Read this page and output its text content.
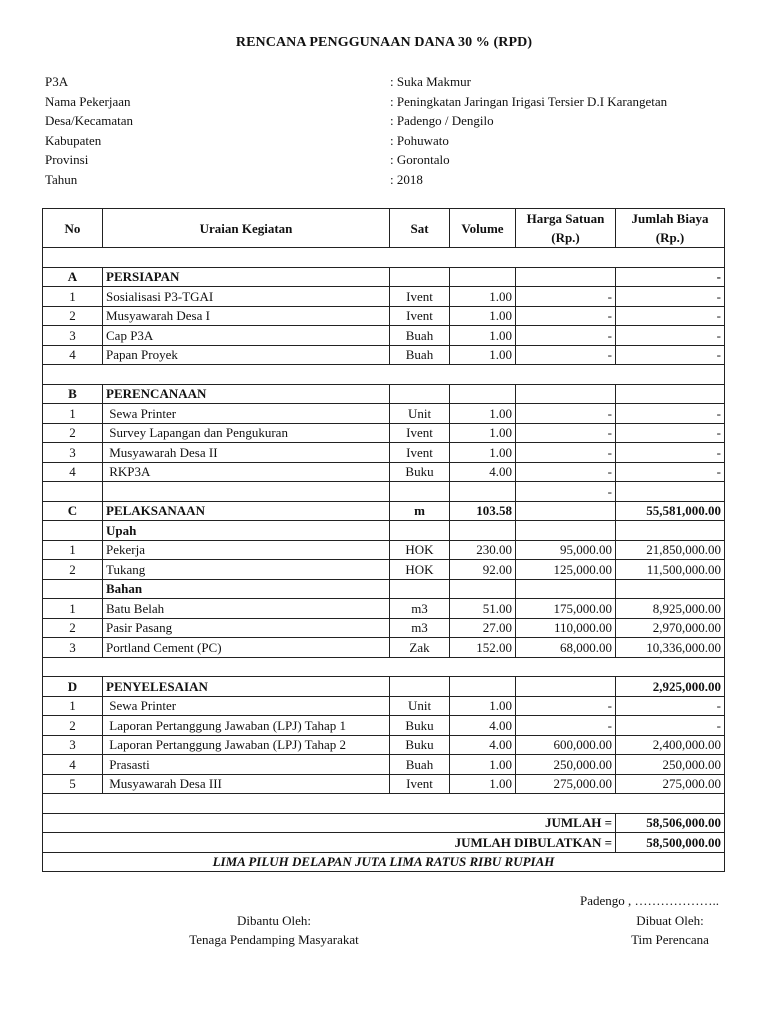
RENCANA PENGGUNAAN DANA 30 % (RPD)
P3A	: Suka Makmur
Nama Pekerjaan	: Peningkatan Jaringan Irigasi Tersier D.I Karangetan
Desa/Kecamatan	: Padengo / Dengilo
Kabupaten	: Pohuwato
Provinsi	: Gorontalo
Tahun	: 2018
No	Uraian Kegiatan	Sat	Volume	Harga Satuan (Rp.)	Jumlah Biaya (Rp.)

A	PERSIAPAN				-
1	Sosialisasi P3-TGAI	Ivent	1.00	-	-
2	Musyawarah Desa I	Ivent	1.00	-	-
3	Cap P3A	Buah	1.00	-	-
4	Papan Proyek	Buah	1.00	-	-

B	PERENCANAAN				
1	Sewa Printer	Unit	1.00	-	-
2	Survey Lapangan dan Pengukuran	Ivent	1.00	-	-
3	Musyawarah Desa II	Ivent	1.00	-	-
4	RKP3A	Buku	4.00	-	-
				-	
C	PELAKSANAAN	m	103.58		55,581,000.00
	Upah				
1	Pekerja	HOK	230.00	95,000.00	21,850,000.00
2	Tukang	HOK	92.00	125,000.00	11,500,000.00
	Bahan				
1	Batu Belah	m3	51.00	175,000.00	8,925,000.00
2	Pasir Pasang	m3	27.00	110,000.00	2,970,000.00
3	Portland Cement (PC)	Zak	152.00	68,000.00	10,336,000.00

D	PENYELESAIAN				2,925,000.00
1	Sewa Printer	Unit	1.00	-	-
2	Laporan Pertanggung Jawaban (LPJ) Tahap 1	Buku	4.00	-	-
3	Laporan Pertanggung Jawaban (LPJ) Tahap 2	Buku	4.00	600,000.00	2,400,000.00
4	Prasasti	Buah	1.00	250,000.00	250,000.00
5	Musyawarah Desa III	Ivent	1.00	275,000.00	275,000.00

JUMLAH =					58,506,000.00
JUMLAH DIBULATKAN =					58,500,000.00
LIMA PILUH DELAPAN JUTA LIMA RATUS RIBU RUPIAH					
Padengo , ………………..
Dibantu Oleh:
Tenaga Pendamping Masyarakat
Dibuat Oleh:
Tim Perencana
